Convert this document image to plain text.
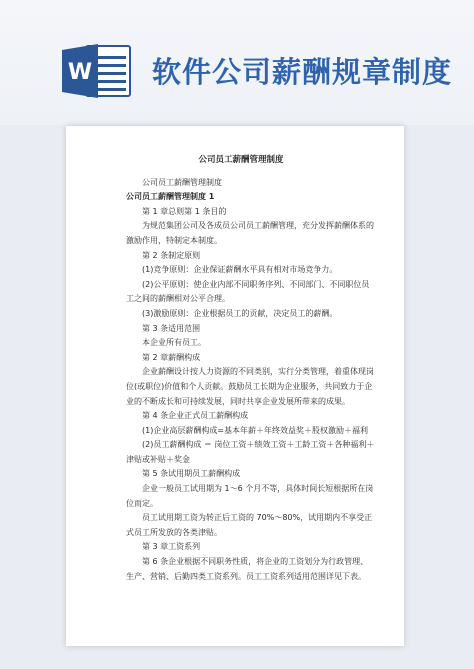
W 软件公司薪酬规章制度
公司员工薪酬管理制度

公司员工薪酬管理制度

公司员工薪酬管理制度 1

第 1 章总则第 1 条目的

为规范集团公司及各成员公司员工薪酬管理，充分发挥薪酬体系的激励作用，特制定本制度。

第 2 条制定原则

(1)竞争原则：企业保证薪酬水平具有相对市场竞争力。

(2)公平原则：使企业内部不同职务序列、不同部门、不同职位员工之间的薪酬相对公平合理。

(3)激励原则：企业根据员工的贡献，决定员工的薪酬。

第 3 条适用范围

本企业所有员工。

第 2 章薪酬构成

企业薪酬设计按人力资源的不同类别，实行分类管理，着重体现岗位(或职位)价值和个人贡献。鼓励员工长期为企业服务，共同致力于企业的不断成长和可持续发展，同时共享企业发展所带来的成果。

第 4 条企业正式员工薪酬构成

(1)企业高层薪酬构成=基本年薪＋年终效益奖＋股权激励＋福利

(2)员工薪酬构成 ＝ 岗位工资＋绩效工资＋工龄工资＋各种福利＋津贴或补贴＋奖金

第 5 条试用期员工薪酬构成

企业一般员工试用期为 1～6 个月不等，具体时间长短根据所在岗位而定。

员工试用期工资为转正后工资的 70%～80%，试用期内不享受正式员工所发放的各类津贴。

第 3 章工资系列

第 6 条企业根据不同职务性质，将企业的工资划分为行政管理、生产、营销、后勤四类工资系列。员工工资系列适用范围详见下表。
